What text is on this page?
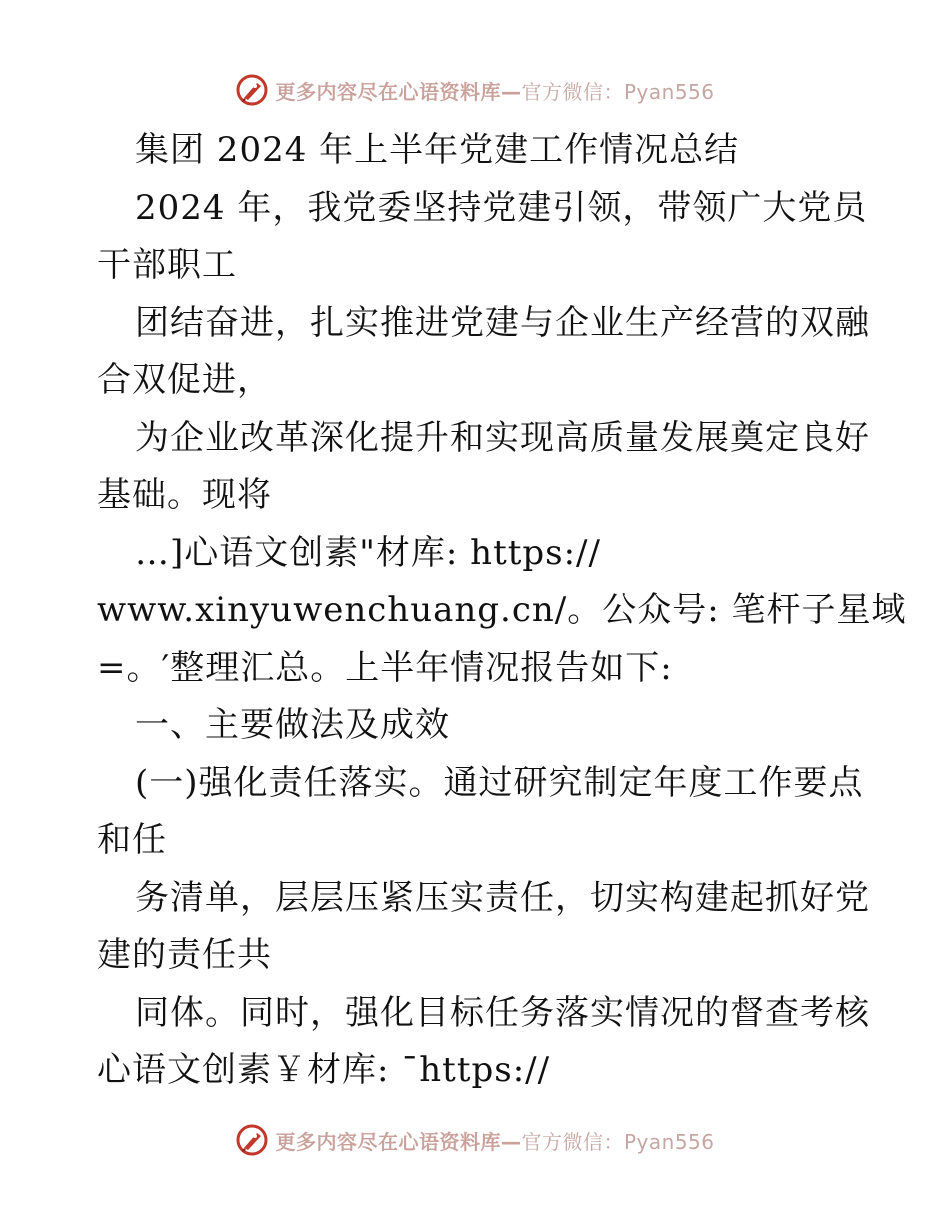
更多内容尽在心语资料库—官方微信：Pyan556
集团 2024 年上半年党建工作情况总结
2024 年，我党委坚持党建引领，带领广大党员
干部职工
团结奋进，扎实推进党建与企业生产经营的双融
合双促进，
为企业改革深化提升和实现高质量发展奠定良好
基础。现将
…]心语文创素"材库: https://
www.xinyuwenchuang.cn/。公众号: 笔杆子星域
=。′整理汇总。上半年情况报告如下:
一、主要做法及成效
(一)强化责任落实。通过研究制定年度工作要点
和任
务清单，层层压紧压实责任，切实构建起抓好党
建的责任共
同体。同时，强化目标任务落实情况的督查考核
心语文创素￥材库: ¯https://
更多内容尽在心语资料库—官方微信：Pyan556
